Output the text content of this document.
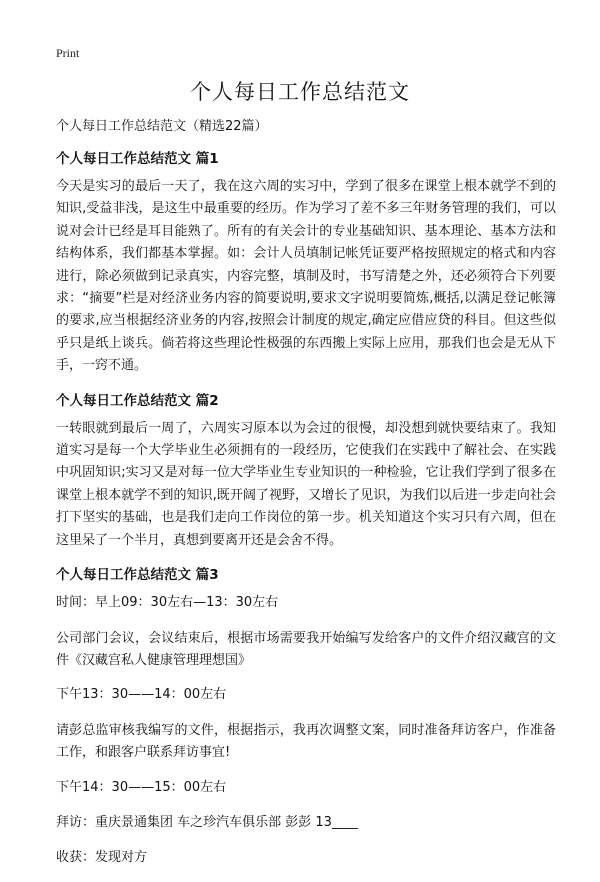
Print
个人每日工作总结范文

个人每日工作总结范文（精选22篇）

个人每日工作总结范文 篇1

今天是实习的最后一天了，我在这六周的实习中，学到了很多在课堂上根本就学不到的知识,受益非浅，是这生中最重要的经历。作为学习了差不多三年财务管理的我们，可以说对会计已经是耳目能熟了。所有的有关会计的专业基础知识、基本理论、基本方法和结构体系，我们都基本掌握。如：会计人员填制记帐凭证要严格按照规定的格式和内容进行，除必须做到记录真实，内容完整，填制及时，书写清楚之外，还必须符合下列要求：“摘要”栏是对经济业务内容的简要说明,要求文字说明要简炼,概括,以满足登记帐簿的要求,应当根据经济业务的内容,按照会计制度的规定,确定应借应贷的科目。但这些似乎只是纸上谈兵。倘若将这些理论性极强的东西搬上实际上应用，那我们也会是无从下手，一窍不通。

个人每日工作总结范文 篇2

一转眼就到最后一周了，六周实习原本以为会过的很慢，却没想到就快要结束了。我知道实习是每一个大学毕业生必须拥有的一段经历，它使我们在实践中了解社会、在实践中巩固知识;实习又是对每一位大学毕业生专业知识的一种检验，它让我们学到了很多在课堂上根本就学不到的知识,既开阔了视野，又增长了见识，为我们以后进一步走向社会打下坚实的基础，也是我们走向工作岗位的第一步。机关知道这个实习只有六周，但在这里呆了一个半月，真想到要离开还是会舍不得。

个人每日工作总结范文 篇3

时间：早上09：30左右—13：30左右

公司部门会议，会议结束后，根据市场需要我开始编写发给客户的文件介绍汉藏宫的文件《汉藏宫私人健康管理理想国》

下午13：30——14：00左右

请彭总监审核我编写的文件，根据指示，我再次调整文案，同时准备拜访客户，作准备工作，和跟客户联系拜访事宜!

下午14：30——15：00左右

拜访：重庆景通集团 车之珍汽车俱乐部 彭彭 13____

收获：发现对方
